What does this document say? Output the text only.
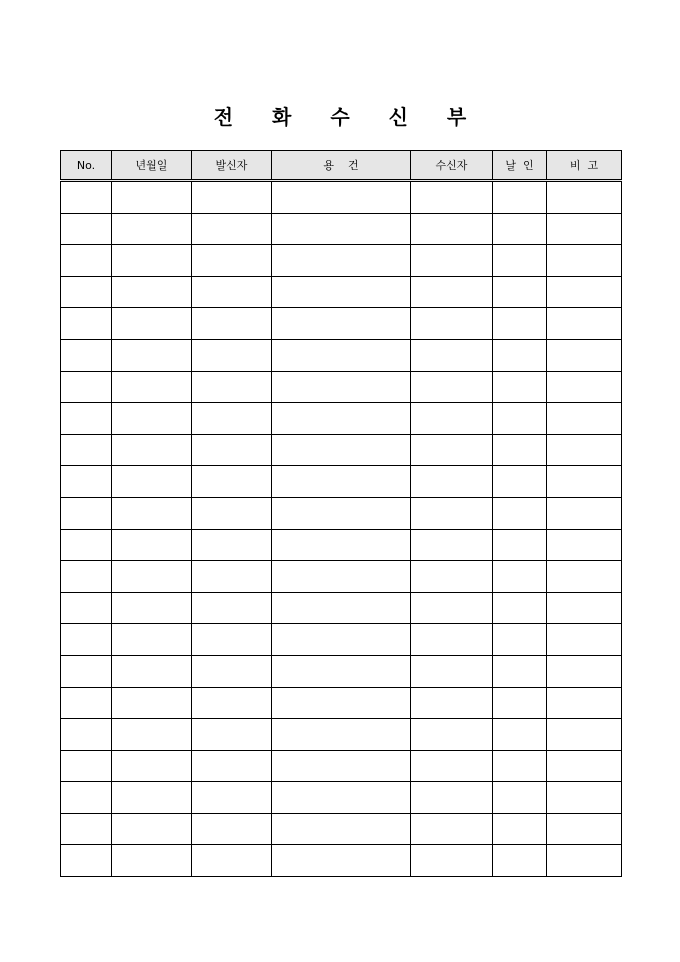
전 화 수 신 부
No.	년월일	발신자	용    건	수신자	날  인	비  고
